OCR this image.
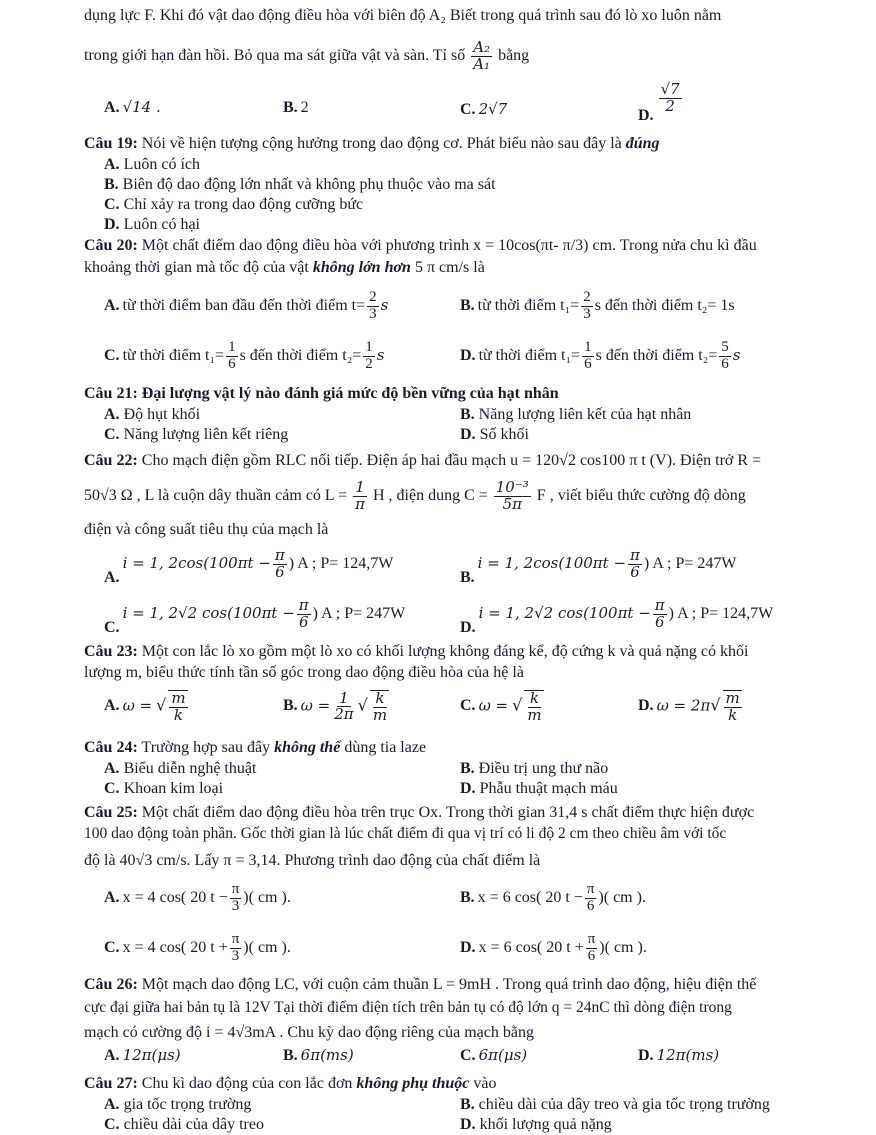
dụng lực F. Khi đó vật dao động điều hòa với biên độ A₂ Biết trong quá trình sau đó lò xo luôn nằm
trong giới hạn đàn hồi. Bỏ qua ma sát giữa vật và sàn. Tỉ số $\frac{\text{A₂}}{\text{A₁}}$ bằng
A. √14 .	B. 2	C. 2√7	D.
$\frac{√7}{2}$
Câu 19: Nói về hiện tượng cộng hưởng trong dao động cơ. Phát biểu nào sau đây là đúng
A. Luôn có ích
B. Biên độ dao động lớn nhất và không phụ thuộc vào ma sát
C. Chỉ xảy ra trong dao động cưỡng bức
D. Luôn có hại
Câu 20: Một chất điểm dao động điều hòa với phương trình x = 10cos(πt- π/3) cm. Trong nửa chu kì đầu
khoảng thời gian mà tốc độ của vật không lớn hơn 5 π cm/s là
A. từ thời điểm ban đầu đến thời điểm $t= \frac{2}{3}$ s	B. từ thời điểm $t_1= \frac{2}{3}$ s đến thời điểm t₂= 1s
C. từ thời điểm $t_1= \frac{1}{6}$ s đến thời điểm $t_2= \frac{1}{2}$ s	D. từ thời điểm $t_1= \frac{1}{6}$ s đến thời điểm $t_2= \frac{5}{6}$ s
Câu 21: Đại lượng vật lý nào đánh giá mức độ bền vững của hạt nhân
A. Độ hụt khối	B. Năng lượng liên kết của hạt nhân
C. Năng lượng liên kết riêng	D. Số khối
Câu 22: Cho mạch điện gồm RLC nối tiếp. Điện áp hai đầu mạch u = 120√2 cos100 π t (V). Điện trở R =
50√3 Ω , L là cuộn dây thuần cảm có $L = \frac{1}{\pi}$ H , điện dung $C = \frac{\text{10⁻³}}{5\pi}$ F , viết biểu thức cường độ dòng
điện và công suất tiêu thụ của mạch là
A.i = 1, $2\cos(100\pi t - \frac{\pi}{6}$ ) A ; P= 124,7W
B.i = 1, $2\cos(100\pi t - \frac{\pi}{6}$ ) A ; P= 247W
C.i = 1, 2√2 $\cos(100\pi t - \frac{\pi}{6}$ ) A ; P= 247W
D.i = 1, 2√2 $\cos(100\pi t - \frac{\pi}{6}$ ) A ; P= 124,7W
Câu 23: Một con lắc lò xo gồm một lò xo có khối lượng không đáng kể, độ cứng k và quả nặng có khối
lượng m, biểu thức tính tần số góc trong dao động điều hòa của hệ là
A. ω = √ $\frac{m}{k}$	B. $\omega = \frac{1}{2\pi}$ √ $\frac{k}{m}$	C. ω = √ $\frac{k}{m}$	D. $\omega = 2\pi√ \frac{m}{k}$
Câu 24: Trường hợp sau đây không thể dùng tia laze
A. Biểu diễn nghệ thuật	B. Điều trị ung thư não
C. Khoan kim loại	D. Phẫu thuật mạch máu
Câu 25: Một chất điểm dao động điều hòa trên trục Ox. Trong thời gian 31,4 s chất điểm thực hiện được
100 dao động toàn phần. Gốc thời gian là lúc chất điểm đi qua vị trí có li độ 2 cm theo chiều âm với tốc
độ là 40√3 cm/s. Lấy π = 3,14. Phương trình dao động của chất điểm là
A. x = 4 cos( 20 $t - \frac{\pi}{3}$ )( cm ).	B. x = 6 cos( 20 $t - \frac{\pi}{6}$ )( cm ).
C. x = 4 cos( 20 $t + \frac{\pi}{3}$ )( cm ).	D. x = 6 cos( 20 $t + \frac{\pi}{6}$ )( cm ).
Câu 26: Một mạch dao động LC, với cuộn cảm thuần L = 9mH . Trong quá trình dao động, hiệu điện thế
cực đại giữa hai bản tụ là 12V Tại thời điểm điện tích trên bản tụ có độ lớn q = 24nC thì dòng điện trong
mạch có cường độ i = 4√3mA . Chu kỳ dao động riêng của mạch bằng
A. 12π(μs)	B. 6π(ms)	C. 6π(μs)	D. 12π(ms)
Câu 27: Chu kì dao động của con lắc đơn không phụ thuộc vào
A. gia tốc trọng trường	B. chiều dài của dây treo và gia tốc trọng trường
C. chiều dài của dây treo	D. khối lượng quả nặng
